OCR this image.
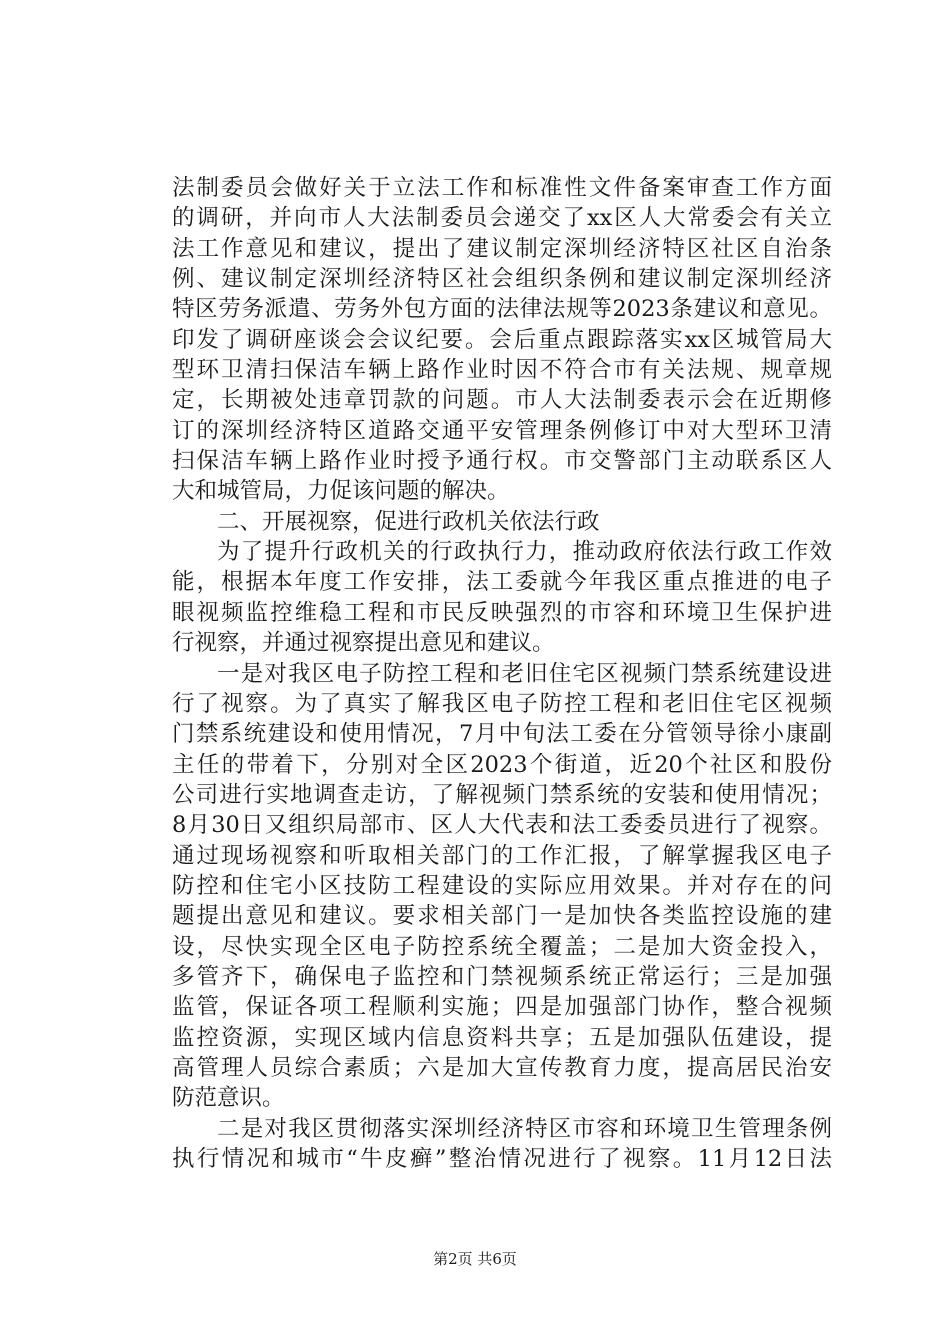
法制委员会做好关于立法工作和标准性文件备案审查工作方面
的调研，并向市人大法制委员会递交了xx区人大常委会有关立
法工作意见和建议，提出了建议制定深圳经济特区社区自治条
例、建议制定深圳经济特区社会组织条例和建议制定深圳经济
特区劳务派遣、劳务外包方面的法律法规等2023条建议和意见。
印发了调研座谈会会议纪要。会后重点跟踪落实xx区城管局大
型环卫清扫保洁车辆上路作业时因不符合市有关法规、规章规
定，长期被处违章罚款的问题。市人大法制委表示会在近期修
订的深圳经济特区道路交通平安管理条例修订中对大型环卫清
扫保洁车辆上路作业时授予通行权。市交警部门主动联系区人
大和城管局，力促该问题的解决。
二、开展视察，促进行政机关依法行政
为了提升行政机关的行政执行力，推动政府依法行政工作效
能，根据本年度工作安排，法工委就今年我区重点推进的电子
眼视频监控维稳工程和市民反映强烈的市容和环境卫生保护进
行视察，并通过视察提出意见和建议。
一是对我区电子防控工程和老旧住宅区视频门禁系统建设进
行了视察。为了真实了解我区电子防控工程和老旧住宅区视频
门禁系统建设和使用情况，7月中旬法工委在分管领导徐小康副
主任的带着下，分别对全区2023个街道，近20个社区和股份
公司进行实地调查走访，了解视频门禁系统的安装和使用情况；
8月30日又组织局部市、区人大代表和法工委委员进行了视察。
通过现场视察和听取相关部门的工作汇报，了解掌握我区电子
防控和住宅小区技防工程建设的实际应用效果。并对存在的问
题提出意见和建议。要求相关部门一是加快各类监控设施的建
设，尽快实现全区电子防控系统全覆盖；二是加大资金投入，
多管齐下，确保电子监控和门禁视频系统正常运行；三是加强
监管，保证各项工程顺利实施；四是加强部门协作，整合视频
监控资源，实现区域内信息资料共享；五是加强队伍建设，提
高管理人员综合素质；六是加大宣传教育力度，提高居民治安
防范意识。
二是对我区贯彻落实深圳经济特区市容和环境卫生管理条例
执行情况和城市“牛皮癣”整治情况进行了视察。11月12日法
第2页 共6页
